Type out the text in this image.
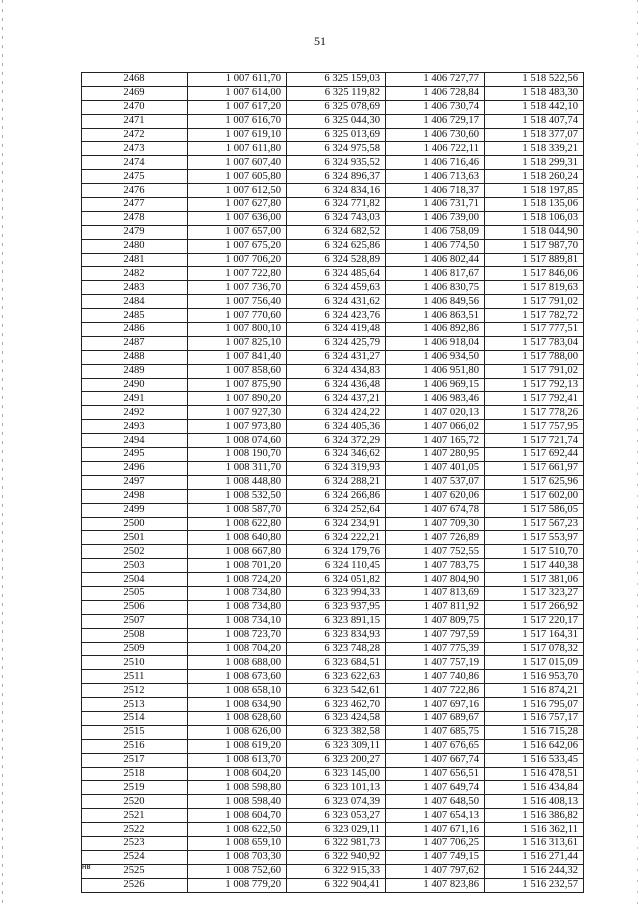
51
2468	1 007 611,70	6 325 159,03	1 406 727,77	1 518 522,56
2469	1 007 614,00	6 325 119,82	1 406 728,84	1 518 483,30
2470	1 007 617,20	6 325 078,69	1 406 730,74	1 518 442,10
2471	1 007 616,70	6 325 044,30	1 406 729,17	1 518 407,74
2472	1 007 619,10	6 325 013,69	1 406 730,60	1 518 377,07
2473	1 007 611,80	6 324 975,58	1 406 722,11	1 518 339,21
2474	1 007 607,40	6 324 935,52	1 406 716,46	1 518 299,31
2475	1 007 605,80	6 324 896,37	1 406 713,63	1 518 260,24
2476	1 007 612,50	6 324 834,16	1 406 718,37	1 518 197,85
2477	1 007 627,80	6 324 771,82	1 406 731,71	1 518 135,06
2478	1 007 636,00	6 324 743,03	1 406 739,00	1 518 106,03
2479	1 007 657,00	6 324 682,52	1 406 758,09	1 518 044,90
2480	1 007 675,20	6 324 625,86	1 406 774,50	1 517 987,70
2481	1 007 706,20	6 324 528,89	1 406 802,44	1 517 889,81
2482	1 007 722,80	6 324 485,64	1 406 817,67	1 517 846,06
2483	1 007 736,70	6 324 459,63	1 406 830,75	1 517 819,63
2484	1 007 756,40	6 324 431,62	1 406 849,56	1 517 791,02
2485	1 007 770,60	6 324 423,76	1 406 863,51	1 517 782,72
2486	1 007 800,10	6 324 419,48	1 406 892,86	1 517 777,51
2487	1 007 825,10	6 324 425,79	1 406 918,04	1 517 783,04
2488	1 007 841,40	6 324 431,27	1 406 934,50	1 517 788,00
2489	1 007 858,60	6 324 434,83	1 406 951,80	1 517 791,02
2490	1 007 875,90	6 324 436,48	1 406 969,15	1 517 792,13
2491	1 007 890,20	6 324 437,21	1 406 983,46	1 517 792,41
2492	1 007 927,30	6 324 424,22	1 407 020,13	1 517 778,26
2493	1 007 973,80	6 324 405,36	1 407 066,02	1 517 757,95
2494	1 008 074,60	6 324 372,29	1 407 165,72	1 517 721,74
2495	1 008 190,70	6 324 346,62	1 407 280,95	1 517 692,44
2496	1 008 311,70	6 324 319,93	1 407 401,05	1 517 661,97
2497	1 008 448,80	6 324 288,21	1 407 537,07	1 517 625,96
2498	1 008 532,50	6 324 266,86	1 407 620,06	1 517 602,00
2499	1 008 587,70	6 324 252,64	1 407 674,78	1 517 586,05
2500	1 008 622,80	6 324 234,91	1 407 709,30	1 517 567,23
2501	1 008 640,80	6 324 222,21	1 407 726,89	1 517 553,97
2502	1 008 667,80	6 324 179,76	1 407 752,55	1 517 510,70
2503	1 008 701,20	6 324 110,45	1 407 783,75	1 517 440,38
2504	1 008 724,20	6 324 051,82	1 407 804,90	1 517 381,06
2505	1 008 734,80	6 323 994,33	1 407 813,69	1 517 323,27
2506	1 008 734,80	6 323 937,95	1 407 811,92	1 517 266,92
2507	1 008 734,10	6 323 891,15	1 407 809,75	1 517 220,17
2508	1 008 723,70	6 323 834,93	1 407 797,59	1 517 164,31
2509	1 008 704,20	6 323 748,28	1 407 775,39	1 517 078,32
2510	1 008 688,00	6 323 684,51	1 407 757,19	1 517 015,09
2511	1 008 673,60	6 323 622,63	1 407 740,86	1 516 953,70
2512	1 008 658,10	6 323 542,61	1 407 722,86	1 516 874,21
2513	1 008 634,90	6 323 462,70	1 407 697,16	1 516 795,07
2514	1 008 628,60	6 323 424,58	1 407 689,67	1 516 757,17
2515	1 008 626,00	6 323 382,58	1 407 685,75	1 516 715,28
2516	1 008 619,20	6 323 309,11	1 407 676,65	1 516 642,06
2517	1 008 613,70	6 323 200,27	1 407 667,74	1 516 533,45
2518	1 008 604,20	6 323 145,00	1 407 656,51	1 516 478,51
2519	1 008 598,80	6 323 101,13	1 407 649,74	1 516 434,84
2520	1 008 598,40	6 323 074,39	1 407 648,50	1 516 408,13
2521	1 008 604,70	6 323 053,27	1 407 654,13	1 516 386,82
2522	1 008 622,50	6 323 029,11	1 407 671,16	1 516 362,11
2523	1 008 659,10	6 322 981,73	1 407 706,25	1 516 313,61
2524	1 008 703,30	6 322 940,92	1 407 749,15	1 516 271,44
2525	1 008 752,60	6 322 915,33	1 407 797,62	1 516 244,32
2526	1 008 779,20	6 322 904,41	1 407 823,86	1 516 232,57
нв
